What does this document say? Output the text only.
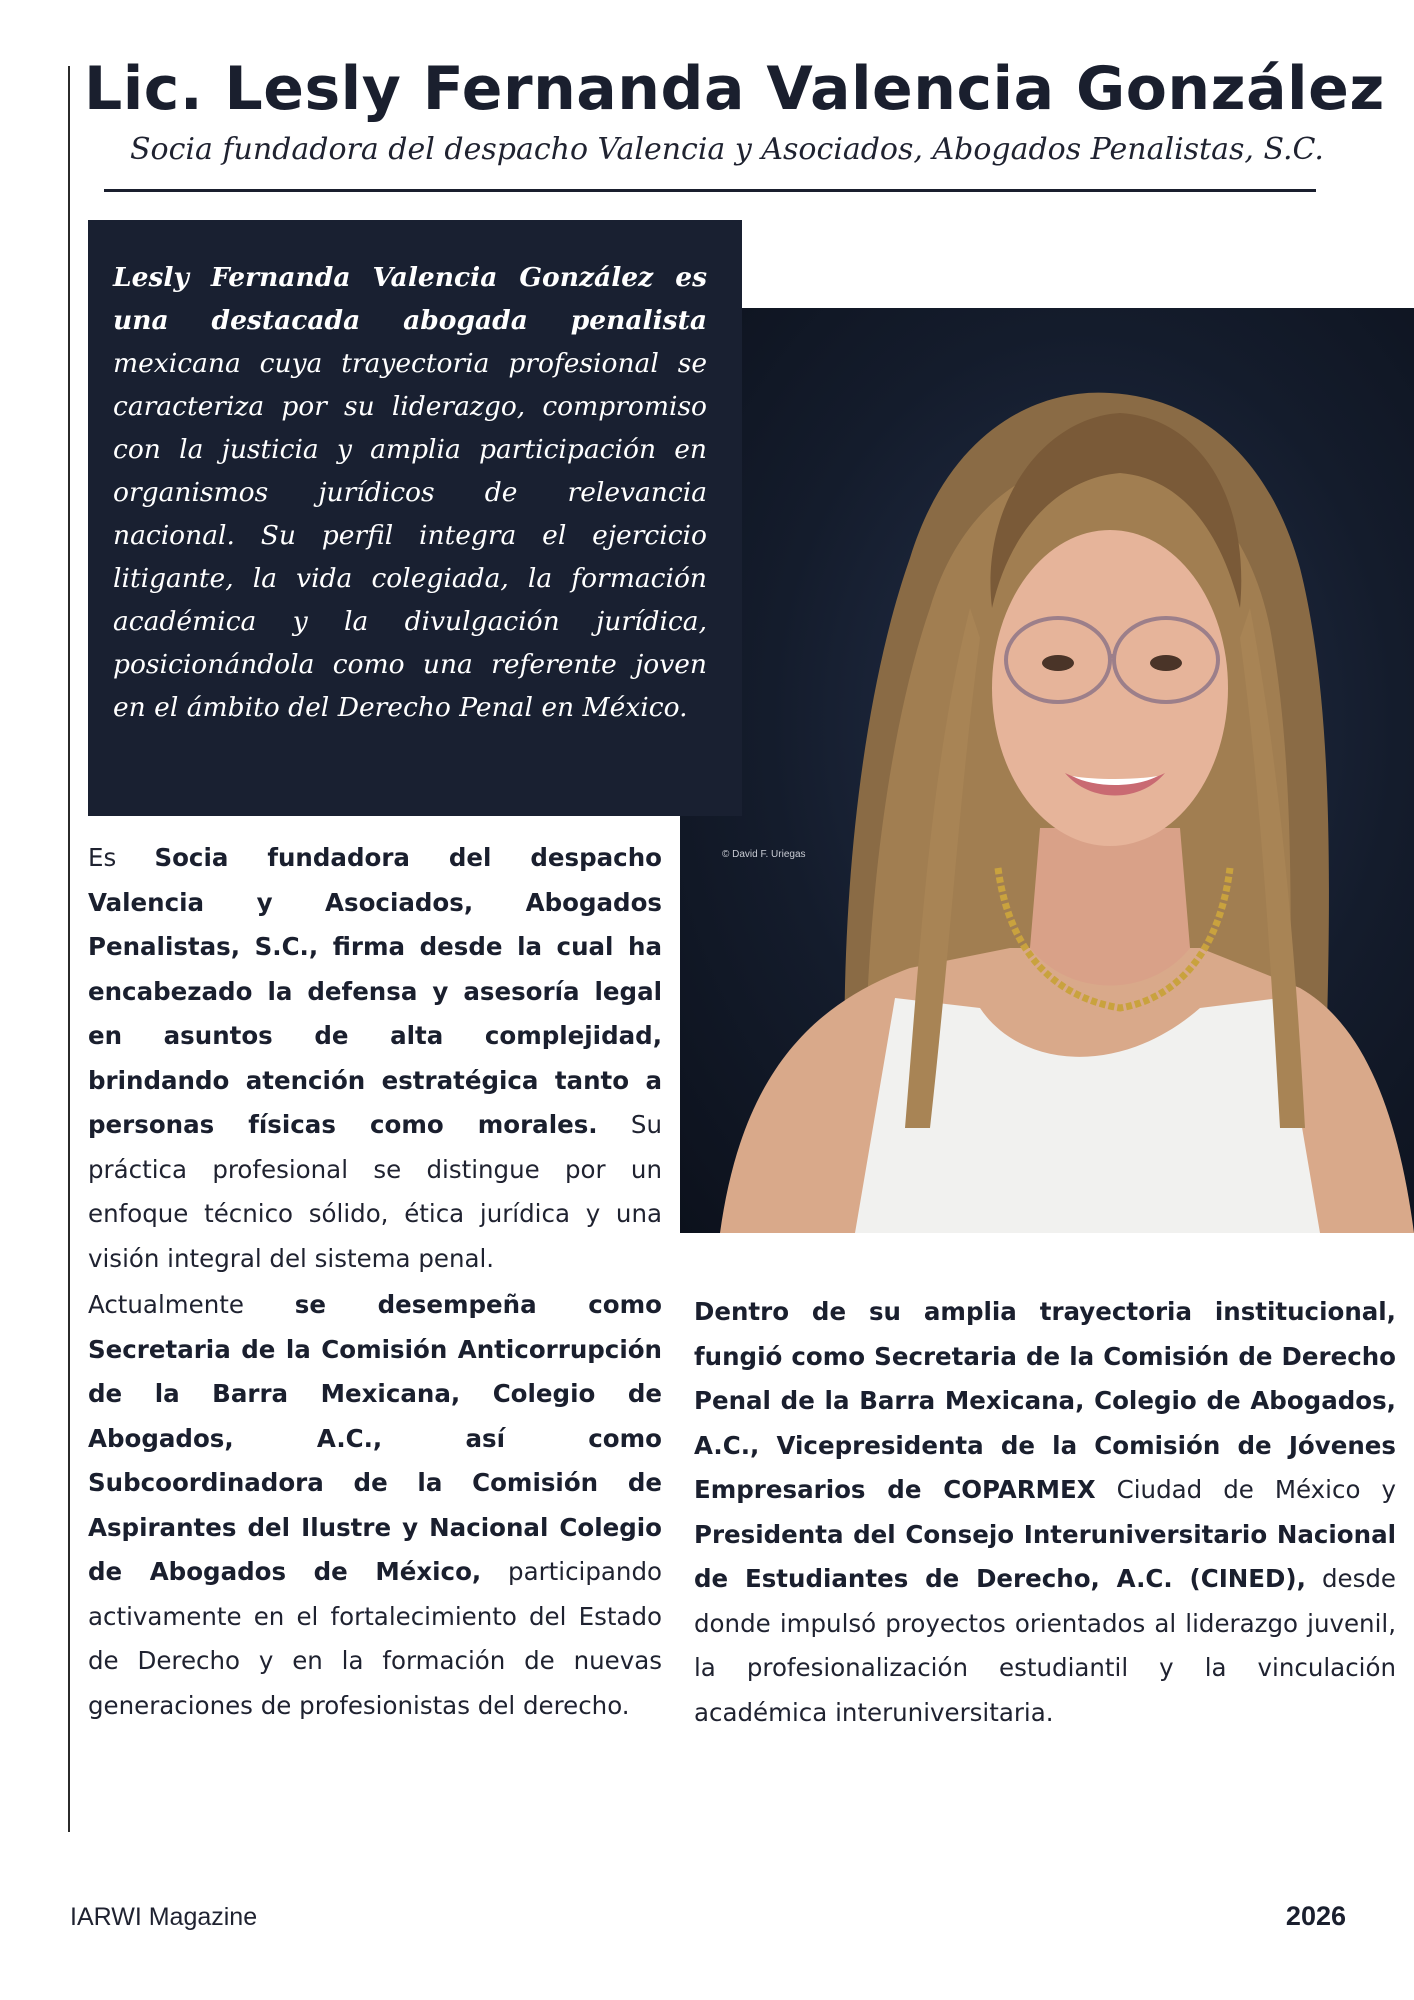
Lic. Lesly Fernanda Valencia González

Socia fundadora del despacho Valencia y Asociados, Abogados Penalistas, S.C.

© David F. Uriegas

Lesly Fernanda Valencia González es una destacada abogada penalista mexicana cuya trayectoria profesional se caracteriza por su liderazgo, compromiso con la justicia y amplia participación en organismos jurídicos de relevancia nacional. Su perfil integra el ejercicio litigante, la vida colegiada, la formación académica y la divulgación jurídica, posicionándola como una referente joven en el ámbito del Derecho Penal en México.

Es Socia fundadora del despacho Valencia y Asociados, Abogados Penalistas, S.C., firma desde la cual ha encabezado la defensa y asesoría legal en asuntos de alta complejidad, brindando atención estratégica tanto a personas físicas como morales. Su práctica profesional se distingue por un enfoque técnico sólido, ética jurídica y una visión integral del sistema penal.

Actualmente se desempeña como Secretaria de la Comisión Anticorrupción de la Barra Mexicana, Colegio de Abogados, A.C., así como Subcoordinadora de la Comisión de Aspirantes del Ilustre y Nacional Colegio de Abogados de México, participando activamente en el fortalecimiento del Estado de Derecho y en la formación de nuevas generaciones de profesionistas del derecho.

Dentro de su amplia trayectoria institucional, fungió como Secretaria de la Comisión de Derecho Penal de la Barra Mexicana, Colegio de Abogados, A.C., Vicepresidenta de la Comisión de Jóvenes Empresarios de COPARMEX Ciudad de México y Presidenta del Consejo Interuniversitario Nacional de Estudiantes de Derecho, A.C. (CINED), desde donde impulsó proyectos orientados al liderazgo juvenil, la profesionalización estudiantil y la vinculación académica interuniversitaria.

IARWI Magazine	2026
